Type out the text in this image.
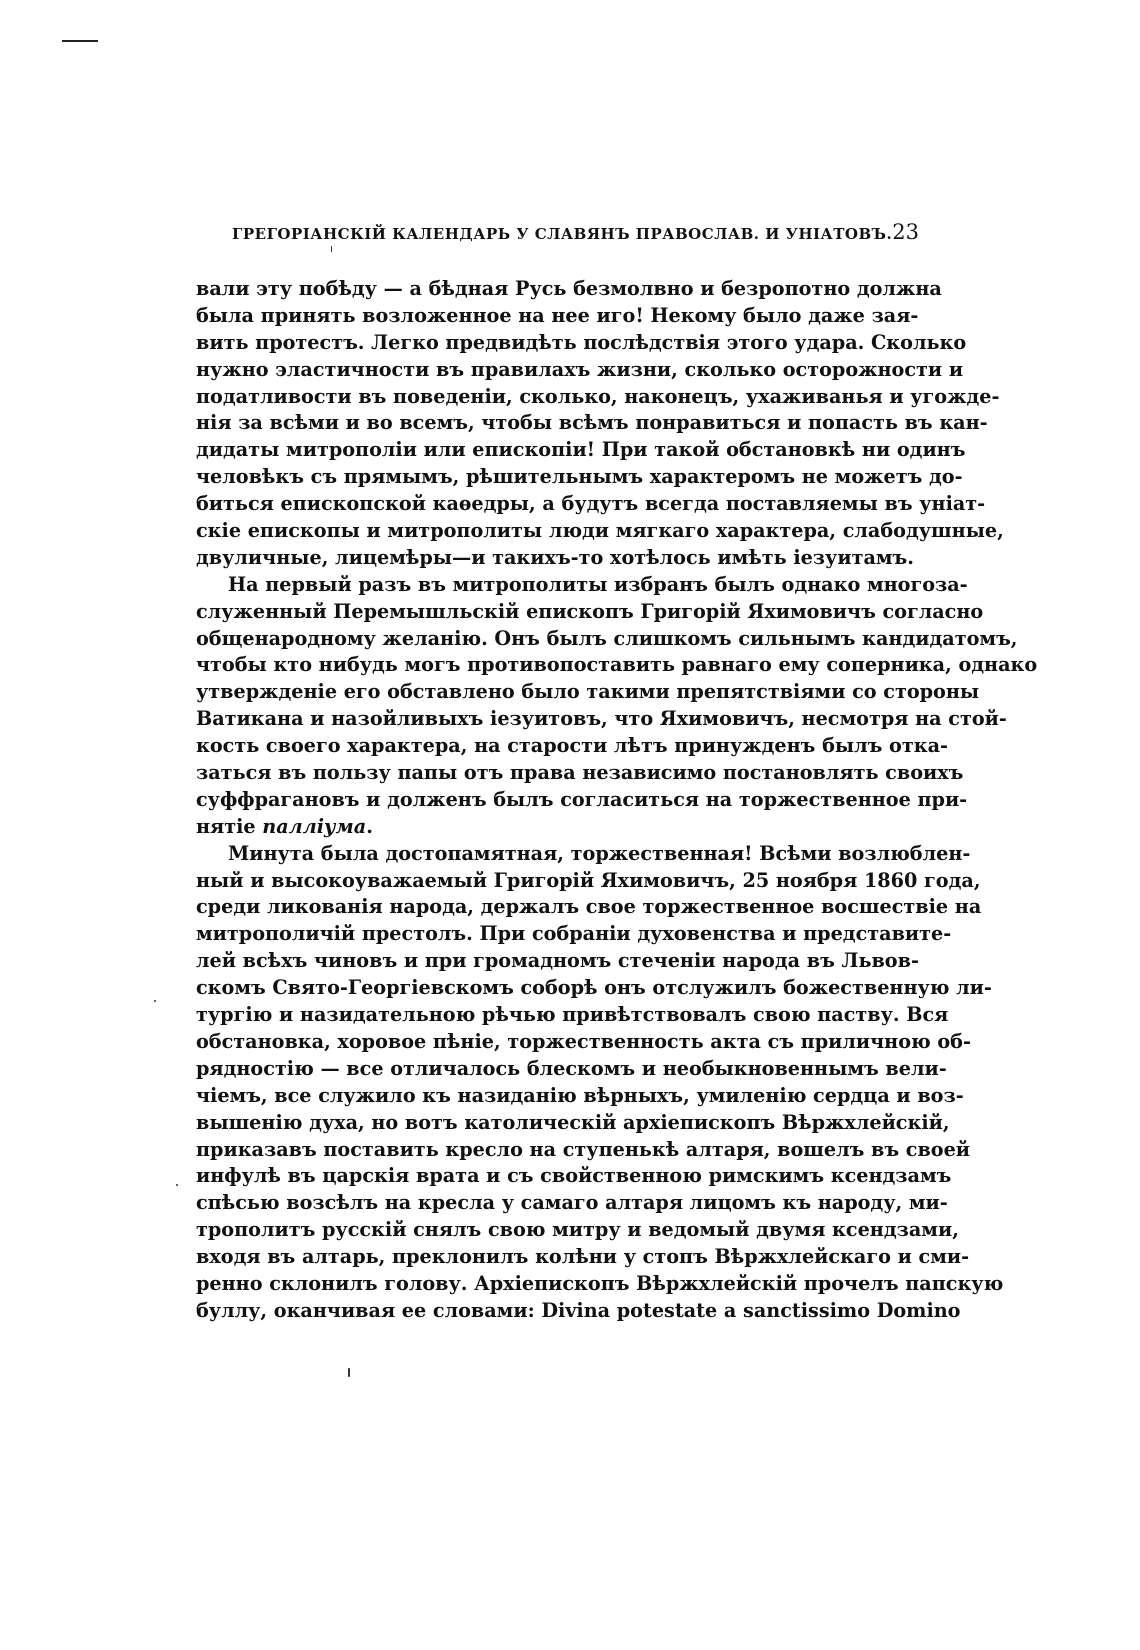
ГРЕГОРІАНСКІЙ КАЛЕНДАРЬ У СЛАВЯНЪ ПРАВОСЛАВ. И УНІАТОВЪ. 23
вали эту побѣду — а бѣдная Русь безмолвно и безропотно должна
была принять возложенное на нее иго! Некому было даже зая-
вить протестъ. Легко предвидѣть послѣдствія этого удара. Сколько
нужно эластичности въ правилахъ жизни, сколько осторожности и
податливости въ поведеніи, сколько, наконецъ, ухаживанья и угожде-
нія за всѣми и во всемъ, чтобы всѣмъ понравиться и попасть въ кан-
дидаты митрополіи или епископіи! При такой обстановкѣ ни одинъ
человѣкъ съ прямымъ, рѣшительнымъ характеромъ не можетъ до-
биться епископской каѳедры, а будутъ всегда поставляемы въ уніат-
скіе епископы и митрополиты люди мягкаго характера, слабодушные,
двуличные, лицемѣры—и такихъ-то хотѣлось имѣть іезуитамъ.
На первый разъ въ митрополиты избранъ былъ однако многоза-
служенный Перемышльскій епископъ Григорій Яхимовичъ согласно
общенародному желанію. Онъ былъ слишкомъ сильнымъ кандидатомъ,
чтобы кто нибудь могъ противопоставить равнаго ему соперника, однако
утвержденіе его обставлено было такими препятствіями со стороны
Ватикана и назойливыхъ іезуитовъ, что Яхимовичъ, несмотря на стой-
кость своего характера, на старости лѣтъ принужденъ былъ отка-
заться въ пользу папы отъ права независимо постановлять своихъ
суффрагановъ и долженъ былъ согласиться на торжественное при-
нятіе палліума.
Минута была достопамятная, торжественная! Всѣми возлюблен-
ный и высокоуважаемый Григорій Яхимовичъ, 25 ноября 1860 года,
среди ликованія народа, держалъ свое торжественное восшествіе на
митрополичій престолъ. При собраніи духовенства и представите-
лей всѣхъ чиновъ и при громадномъ стеченіи народа въ Львов-
скомъ Свято-Георгіевскомъ соборѣ онъ отслужилъ божественную ли-
тургію и назидательною рѣчью привѣтствовалъ свою паству. Вся
обстановка, хоровое пѣніе, торжественность акта съ приличною об-
рядностію — все отличалось блескомъ и необыкновеннымъ вели-
чіемъ, все служило къ назиданію вѣрныхъ, умиленію сердца и воз-
вышенію духа, но вотъ католическій архіепископъ Вѣржхлейскій,
приказавъ поставить кресло на ступенькѣ алтаря, вошелъ въ своей
инфулѣ въ царскія врата и съ свойственною римскимъ ксендзамъ
спѣсью возсѣлъ на кресла у самаго алтаря лицомъ къ народу, ми-
трополитъ русскій снялъ свою митру и ведомый двумя ксендзами,
входя въ алтарь, преклонилъ колѣни у стопъ Вѣржхлейскаго и сми-
ренно склонилъ голову. Архіепископъ Вѣржхлейскій прочелъ папскую
буллу, оканчивая ее словами: Divina potestate a sanctissimo Domino
